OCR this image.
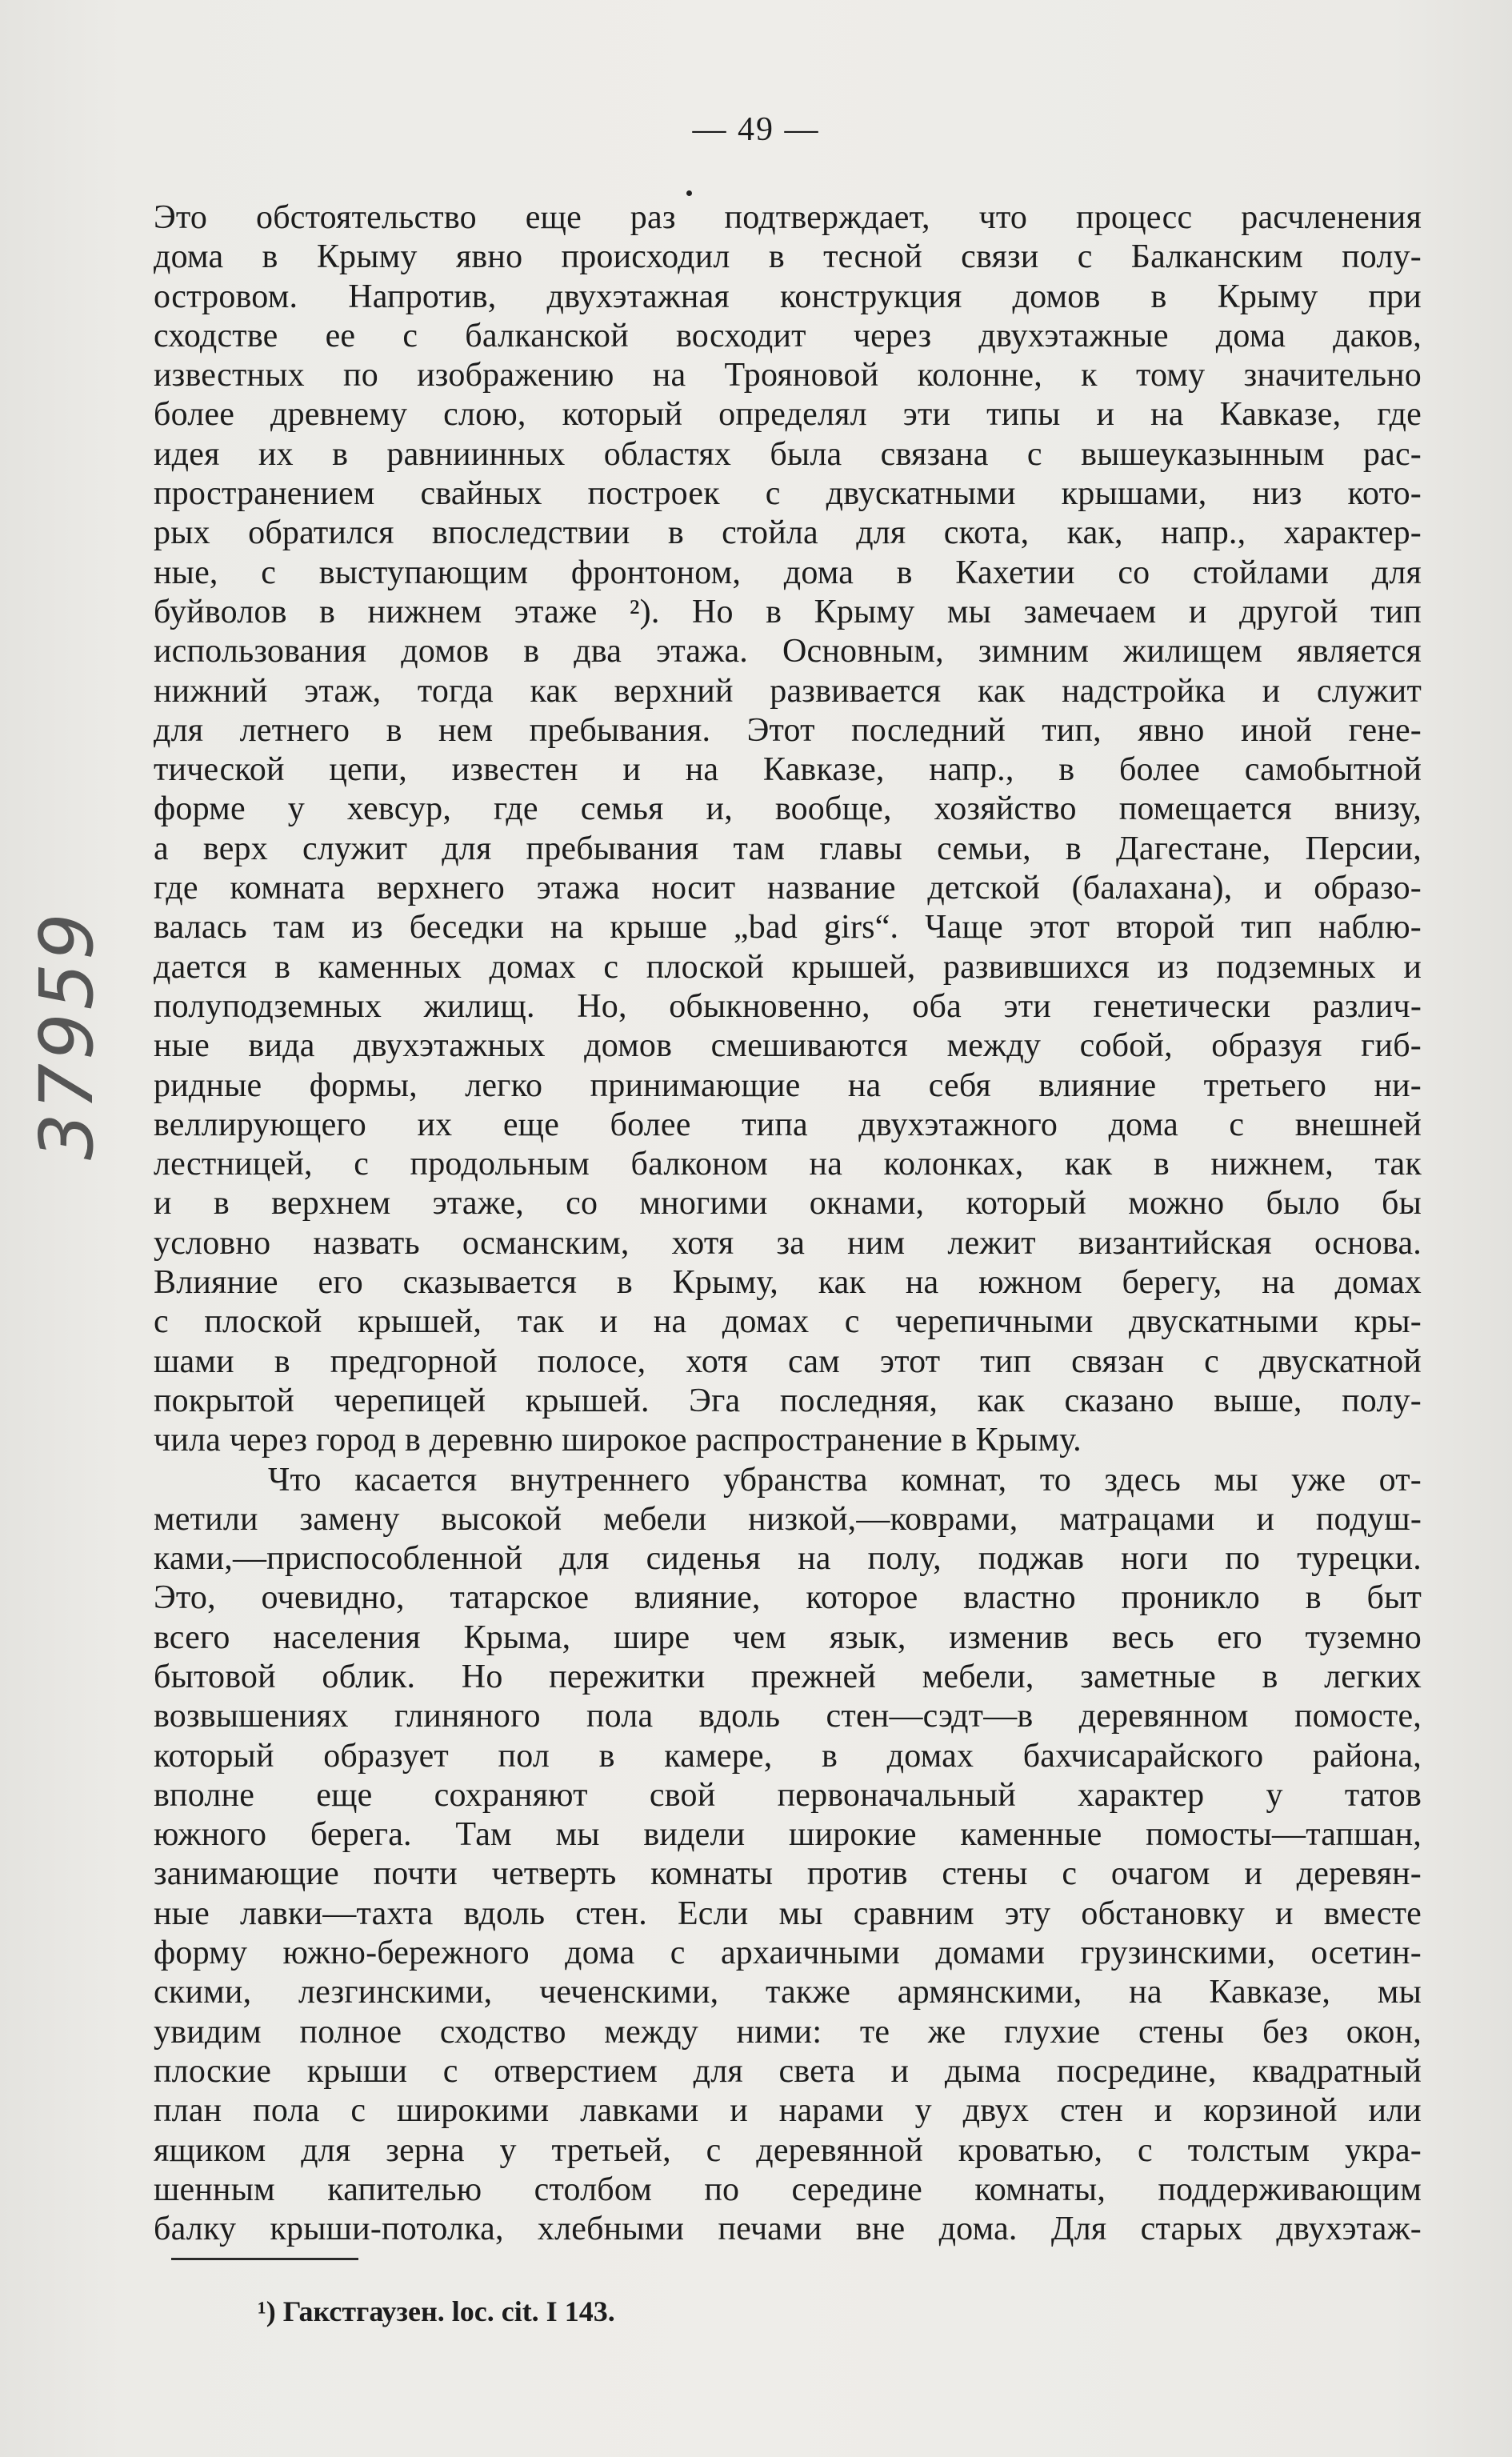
— 49 —
37959
Это обстоятельство еще раз подтверждает, что процесс расчленения
дома в Крыму явно происходил в тесной связи с Балканским полу-
островом. Напротив, двухэтажная конструкция домов в Крыму при
сходстве ее с балканской восходит через двухэтажные дома даков,
известных по изображению на Трояновой колонне, к тому значительно
более древнему слою, который определял эти типы и на Кавказе, где
идея их в равниинных областях была связана с вышеуказынным рас-
пространением свайных построек с двускатными крышами, низ кото-
рых обратился впоследствии в стойла для скота, как, напр., характер-
ные, с выступающим фронтоном, дома в Кахетии со стойлами для
буйволов в нижнем этаже ²). Но в Крыму мы замечаем и другой тип
использования домов в два этажа. Основным, зимним жилищем является
нижний этаж, тогда как верхний развивается как надстройка и служит
для летнего в нем пребывания. Этот последний тип, явно иной гене-
тической цепи, известен и на Кавказе, напр., в более самобытной
форме у хевсур, где семья и, вообще, хозяйство помещается внизу,
а верх служит для пребывания там главы семьи, в Дагестане, Персии,
где комната верхнего этажа носит название детской (балахана), и образо-
валась там из беседки на крыше „bad girs“. Чаще этот второй тип наблю-
дается в каменных домах с плоской крышей, развившихся из подземных и
полуподземных жилищ. Но, обыкновенно, оба эти генетически различ-
ные вида двухэтажных домов смешиваются между собой, образуя гиб-
ридные формы, легко принимающие на себя влияние третьего ни-
веллирующего их еще более типа двухэтажного дома с внешней
лестницей, с продольным балконом на колонках, как в нижнем, так
и в верхнем этаже, со многими окнами, который можно было бы
условно назвать османским, хотя за ним лежит византийская основа.
Влияние его сказывается в Крыму, как на южном берегу, на домах
с плоской крышей, так и на домах с черепичными двускатными кры-
шами в предгорной полосе, хотя сам этот тип связан с двускатной
покрытой черепицей крышей. Эга последняя, как сказано выше, полу-
чила через город в деревню широкое распространение в Крыму.
Что касается внутреннего убранства комнат, то здесь мы уже от-
метили замену высокой мебели низкой,—коврами, матрацами и подуш-
ками,—приспособленной для сиденья на полу, поджав ноги по турецки.
Это, очевидно, татарское влияние, которое властно проникло в быт
всего населения Крыма, шире чем язык, изменив весь его туземно
бытовой облик. Но пережитки прежней мебели, заметные в легких
возвышениях глиняного пола вдоль стен—сэдт—в деревянном помосте,
который образует пол в камере, в домах бахчисарайского района,
вполне еще сохраняют свой первоначальный характер у татов
южного берега. Там мы видели широкие каменные помосты—тапшан,
занимающие почти четверть комнаты против стены с очагом и деревян-
ные лавки—тахта вдоль стен. Если мы сравним эту обстановку и вместе
форму южно-бережного дома с архаичными домами грузинскими, осетин-
скими, лезгинскими, чеченскими, также армянскими, на Кавказе, мы
увидим полное сходство между ними: те же глухие стены без окон,
плоские крыши с отверстием для света и дыма посредине, квадратный
план пола с широкими лавками и нарами у двух стен и корзиной или
ящиком для зерна у третьей, с деревянной кроватью, с толстым укра-
шенным капителью столбом по середине комнаты, поддерживающим
балку крыши-потолка, хлебными печами вне дома. Для старых двухэтаж-
¹) Гакстгаузен. loc. cit. I 143.
